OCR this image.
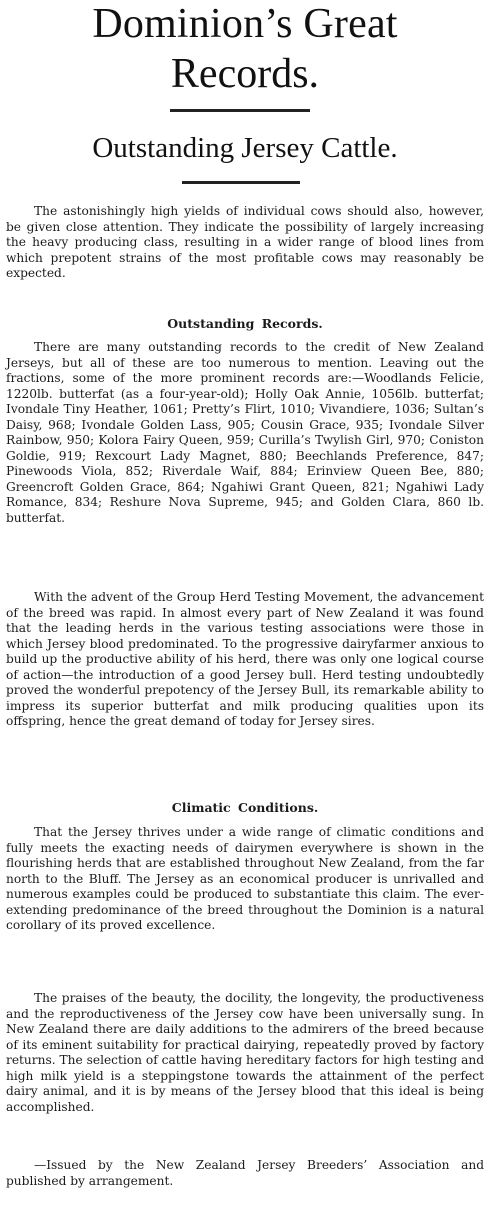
Dominion’s Great
Records.
Outstanding Jersey Cattle.

The astonishingly high yields of individual cows should also, however, be given close attention. They indicate the possibility of largely increasing the heavy producing class, resulting in a wider range of blood lines from which prepotent strains of the most profitable cows may reasonably be expected.

Outstanding Records.

There are many outstanding records to the credit of New Zealand Jerseys, but all of these are too numerous to mention. Leaving out the fractions, some of the more prominent records are:—Woodlands Felicie, 1220lb. butterfat (as a four-year-old); Holly Oak Annie, 1056lb. butterfat; Ivondale Tiny Heather, 1061; Pretty’s Flirt, 1010; Vivandiere, 1036; Sultan’s Daisy, 968; Ivondale Golden Lass, 905; Cousin Grace, 935; Ivondale Silver Rainbow, 950; Kolora Fairy Queen, 959; Curilla’s Twylish Girl, 970; Coniston Goldie, 919; Rexcourt Lady Magnet, 880; Beechlands Preference, 847; Pinewoods Viola, 852; Riverdale Waif, 884; Erinview Queen Bee, 880; Greencroft Golden Grace, 864; Ngahiwi Grant Queen, 821; Ngahiwi Lady Romance, 834; Reshure Nova Supreme, 945; and Golden Clara, 860 lb. butterfat.

With the advent of the Group Herd Testing Movement, the advancement of the breed was rapid. In almost every part of New Zealand it was found that the leading herds in the various testing associations were those in which Jersey blood predominated. To the progressive dairyfarmer anxious to build up the productive ability of his herd, there was only one logical course of action—the introduction of a good Jersey bull. Herd testing undoubtedly proved the wonderful prepotency of the Jersey Bull, its remarkable ability to impress its superior butterfat and milk producing qualities upon its offspring, hence the great demand of today for Jersey sires.

Climatic Conditions.

That the Jersey thrives under a wide range of climatic conditions and fully meets the exacting needs of dairymen everywhere is shown in the flourishing herds that are established throughout New Zealand, from the far north to the Bluff. The Jersey as an economical producer is unrivalled and numerous examples could be produced to substantiate this claim. The ever-extending predominance of the breed throughout the Dominion is a natural corollary of its proved excellence.

The praises of the beauty, the docility, the longevity, the productiveness and the reproductiveness of the Jersey cow have been universally sung. In New Zealand there are daily additions to the admirers of the breed because of its eminent suitability for practical dairying, repeatedly proved by factory returns. The selection of cattle having hereditary factors for high testing and high milk yield is a steppingstone towards the attainment of the perfect dairy animal, and it is by means of the Jersey blood that this ideal is being accomplished.

—Issued by the New Zealand Jersey Breeders’ Association and published by arrangement.
